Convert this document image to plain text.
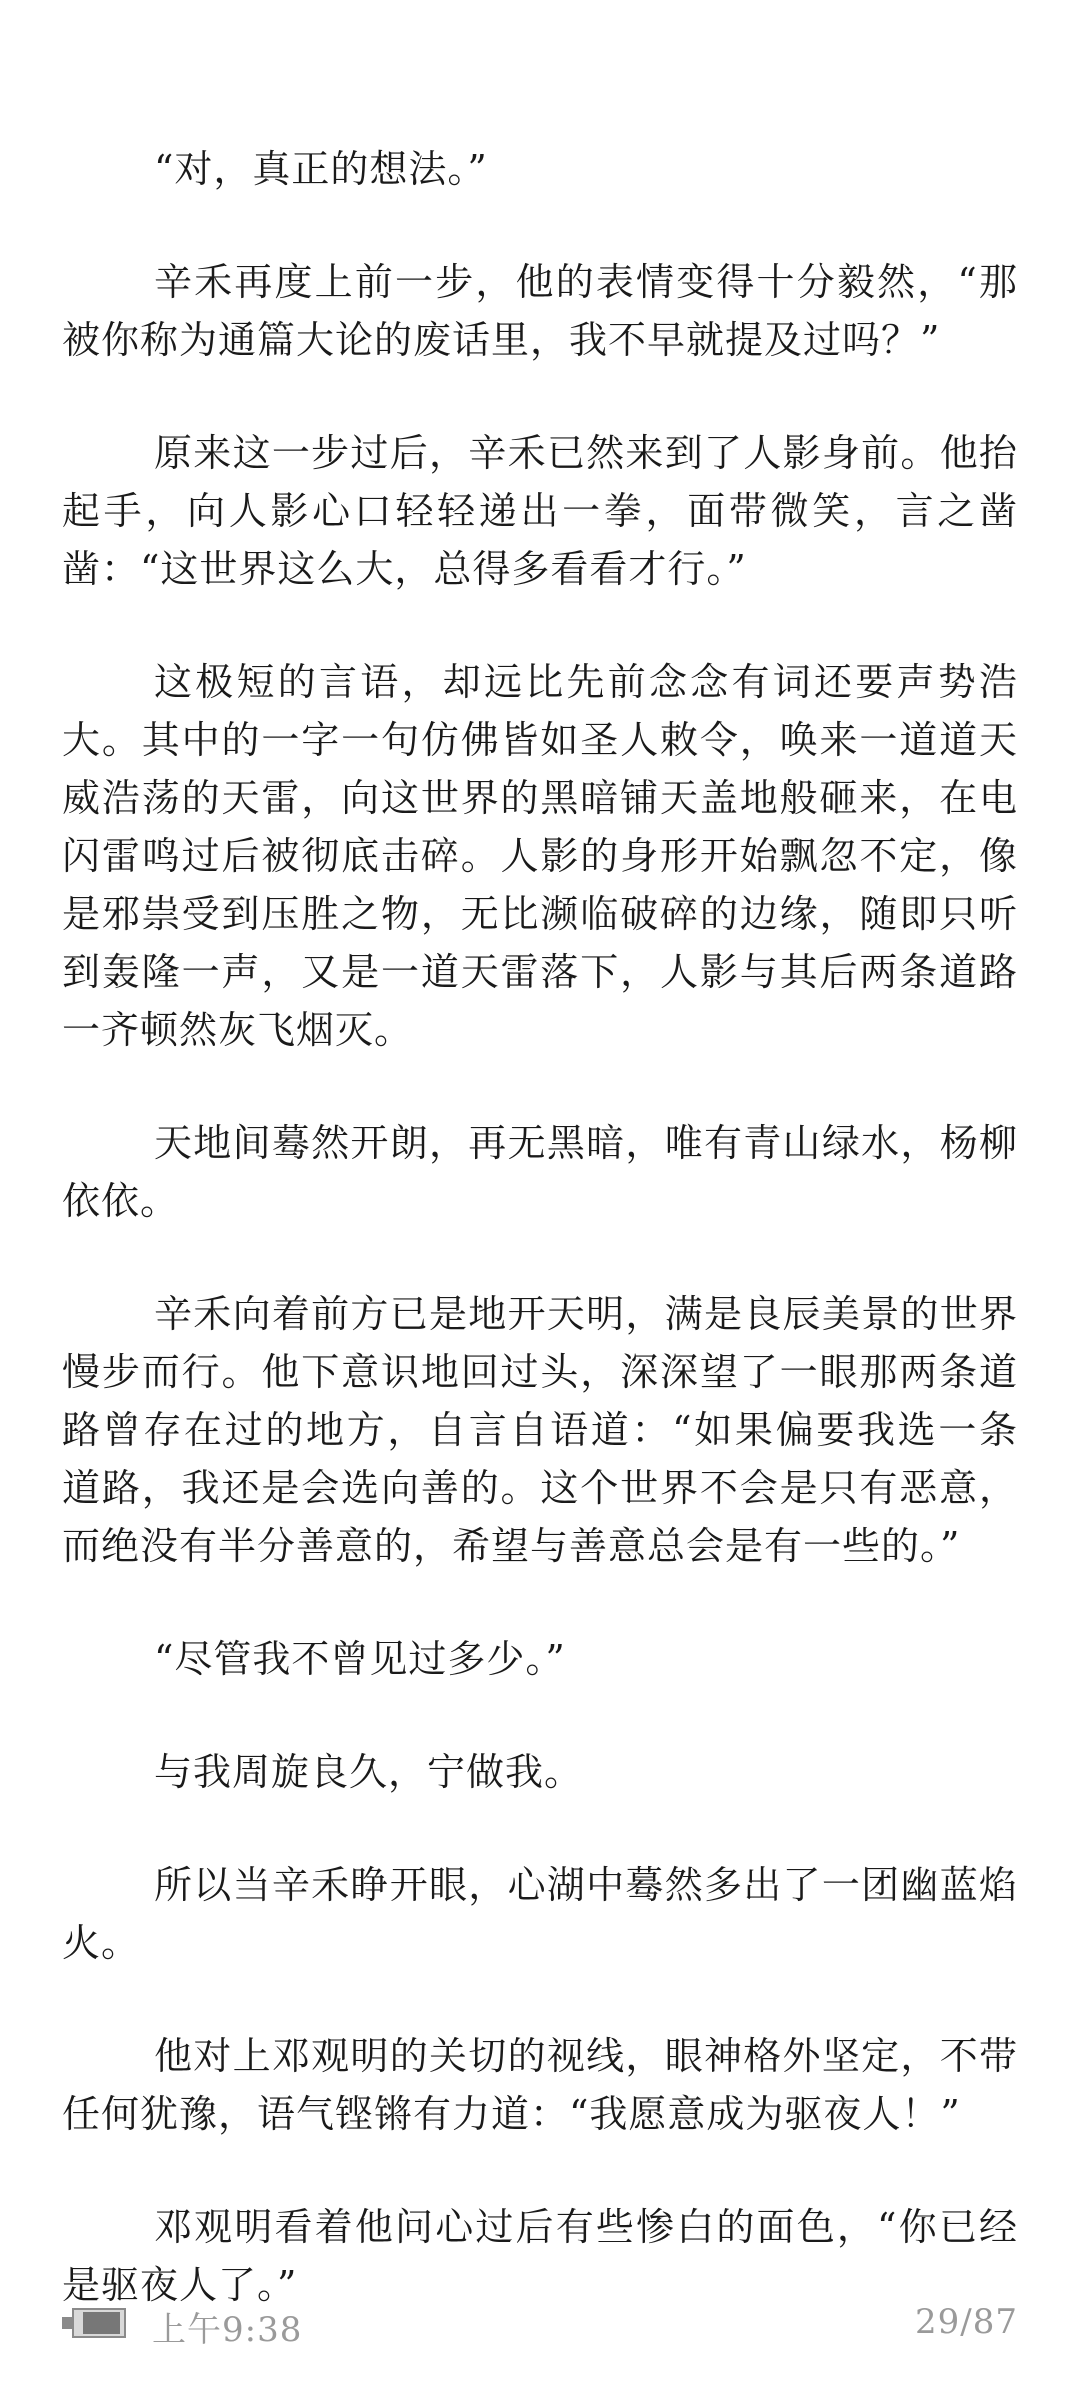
“对，真正的想法。”

辛禾再度上前一步，他的表情变得十分毅然，“那被你称为通篇大论的废话里，我不早就提及过吗？”

原来这一步过后，辛禾已然来到了人影身前。他抬起手，向人影心口轻轻递出一拳，面带微笑，言之凿凿：“这世界这么大，总得多看看才行。”

这极短的言语，却远比先前念念有词还要声势浩大。其中的一字一句仿佛皆如圣人敕令，唤来一道道天威浩荡的天雷，向这世界的黑暗铺天盖地般砸来，在电闪雷鸣过后被彻底击碎。人影的身形开始飘忽不定，像是邪祟受到压胜之物，无比濒临破碎的边缘，随即只听到轰隆一声，又是一道天雷落下，人影与其后两条道路一齐顿然灰飞烟灭。

天地间蓦然开朗，再无黑暗，唯有青山绿水，杨柳依依。

辛禾向着前方已是地开天明，满是良辰美景的世界慢步而行。他下意识地回过头，深深望了一眼那两条道路曾存在过的地方，自言自语道：“如果偏要我选一条道路，我还是会选向善的。这个世界不会是只有恶意，而绝没有半分善意的，希望与善意总会是有一些的。”

“尽管我不曾见过多少。”

与我周旋良久，宁做我。

所以当辛禾睁开眼，心湖中蓦然多出了一团幽蓝焰火。

他对上邓观明的关切的视线，眼神格外坚定，不带任何犹豫，语气铿锵有力道：“我愿意成为驱夜人！”

邓观明看着他问心过后有些惨白的面色，“你已经是驱夜人了。”

上午9:38	29/87
